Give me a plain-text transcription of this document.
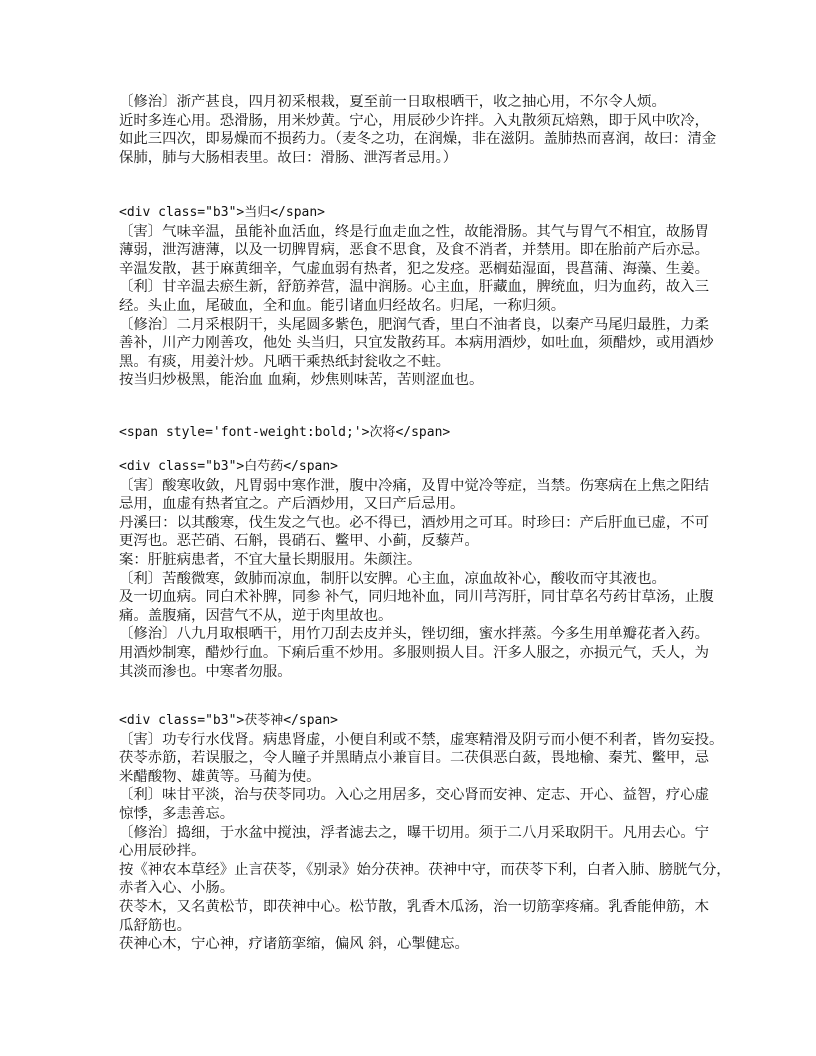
〔修治〕浙产甚良，四月初采根栽，夏至前一日取根晒干，收之抽心用，不尔令人烦。
近时多连心用。恐滑肠，用米炒黄。宁心，用辰砂少许拌。入丸散须瓦焙熟，即于风中吹冷，
如此三四次，即易燥而不损药力。（麦冬之功，在润燥，非在滋阴。盖肺热而喜润，故曰：清金
保肺，肺与大肠相表里。故曰：滑肠、泄泻者忌用。）
<div class="b3">当归</span>
〔害〕气味辛温，虽能补血活血，终是行血走血之性，故能滑肠。其气与胃气不相宜，故肠胃
薄弱，泄泻溏薄，以及一切脾胃病，恶食不思食，及食不消者，并禁用。即在胎前产后亦忌。
辛温发散，甚于麻黄细辛，气虚血弱有热者，犯之发痉。恶榈茹湿面，畏菖蒲、海藻、生姜。
〔利〕甘辛温去瘀生新，舒筋养营，温中润肠。心主血，肝藏血，脾统血，归为血药，故入三
经。头止血，尾破血，全和血。能引诸血归经故名。归尾，一称归须。
〔修治〕二月采根阴干，头尾圆多紫色，肥润气香，里白不油者良，以秦产马尾归最胜，力柔
善补，川产力刚善攻，他处 头当归，只宜发散药耳。本病用酒炒，如吐血，须醋炒，或用酒炒
黑。有痰，用姜汁炒。凡晒干乘热纸封瓮收之不蛀。
按当归炒极黑，能治血 血痢，炒焦则味苦，苦则涩血也。
<span style='font-weight:bold;'>次将</span>
<div class="b3">白芍药</span>
〔害〕酸寒收敛，凡胃弱中寒作泄，腹中冷痛，及胃中觉冷等症，当禁。伤寒病在上焦之阳结
忌用，血虚有热者宜之。产后酒炒用，又曰产后忌用。
丹溪曰：以其酸寒，伐生发之气也。必不得已，酒炒用之可耳。时珍曰：产后肝血已虚，不可
更泻也。恶芒硝、石斛，畏硝石、鳖甲、小蓟，反藜芦。
案：肝脏病患者，不宜大量长期服用。朱颜注。
〔利〕苦酸微寒，敛肺而凉血，制肝以安脾。心主血，凉血故补心，酸收而守其液也。
及一切血病。同白术补脾，同参 补气，同归地补血，同川芎泻肝，同甘草名芍药甘草汤，止腹
痛。盖腹痛，因营气不从，逆于肉里故也。
〔修治〕八九月取根晒干，用竹刀刮去皮并头，锉切细，蜜水拌蒸。今多生用单瓣花者入药。
用酒炒制寒，醋炒行血。下痢后重不炒用。多服则损人目。汗多人服之，亦损元气，夭人，为
其淡而渗也。中寒者勿服。
<div class="b3">茯苓神</span>
〔害〕功专行水伐肾。病患肾虚，小便自利或不禁，虚寒精滑及阴亏而小便不利者，皆勿妄投。
茯苓赤筋，若误服之，令人瞳子并黑睛点小兼盲目。二茯俱恶白蔹，畏地榆、秦艽、鳖甲，忌
米醋酸物、雄黄等。马蔺为使。
〔利〕味甘平淡，治与茯苓同功。入心之用居多，交心肾而安神、定志、开心、益智，疗心虚
惊悸，多恚善忘。
〔修治〕捣细，于水盆中搅浊，浮者滤去之，曝干切用。须于二八月采取阴干。凡用去心。宁
心用辰砂拌。
按《神农本草经》止言茯苓，《别录》始分茯神。茯神中守，而茯苓下利，白者入肺、膀胱气分，
赤者入心、小肠。
茯苓木，又名黄松节，即茯神中心。松节散，乳香木瓜汤，治一切筋挛疼痛。乳香能伸筋，木
瓜舒筋也。
茯神心木，宁心神，疗诸筋挛缩，偏风 斜，心掣健忘。
